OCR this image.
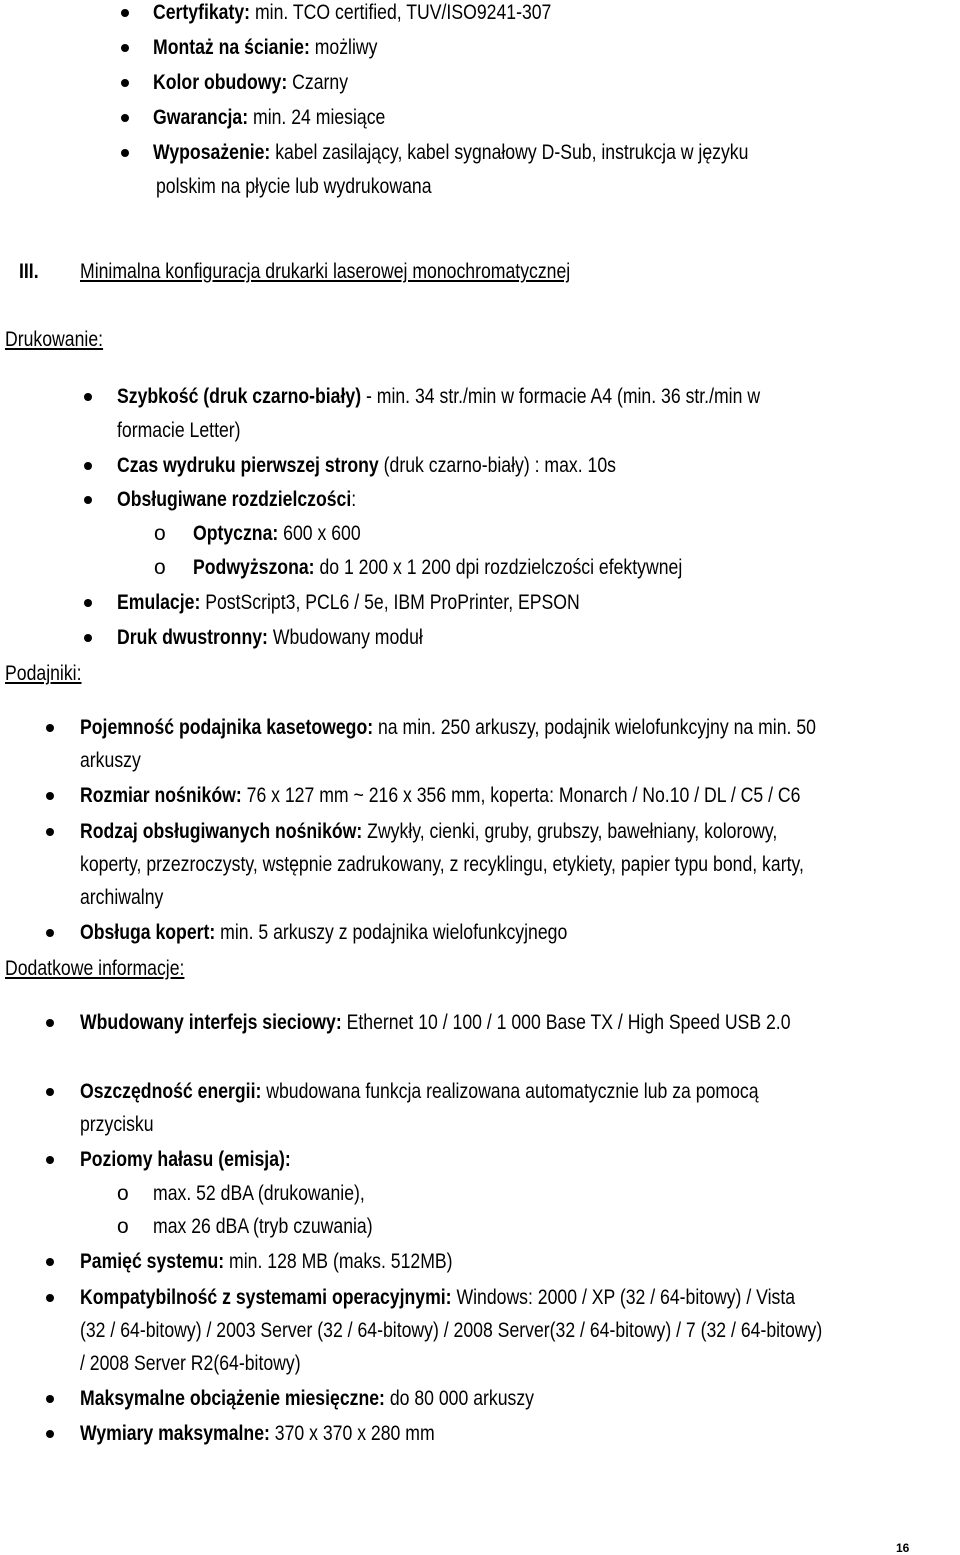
Certyfikaty: min. TCO certified, TUV/ISO9241-307
Montaż na ścianie: możliwy
Kolor obudowy: Czarny
Gwarancja: min. 24 miesiące
Wyposażenie: kabel zasilający, kabel sygnałowy D-Sub, instrukcja w języku
polskim na płycie lub wydrukowana
III. Minimalna konfiguracja drukarki laserowej monochromatycznej
Drukowanie:
Szybkość (druk czarno-biały) - min. 34 str./min w formacie A4 (min. 36 str./min w
formacie Letter)
Czas wydruku pierwszej strony (druk czarno-biały) : max. 10s
Obsługiwane rozdzielczości:
o Optyczna: 600 x 600
o Podwyższona: do 1 200 x 1 200 dpi rozdzielczości efektywnej
Emulacje: PostScript3, PCL6 / 5e, IBM ProPrinter, EPSON
Druk dwustronny: Wbudowany moduł
Podajniki:
Pojemność podajnika kasetowego: na min. 250 arkuszy, podajnik wielofunkcyjny na min. 50
arkuszy
Rozmiar nośników: 76 x 127 mm ~ 216 x 356 mm, koperta: Monarch / No.10 / DL / C5 / C6
Rodzaj obsługiwanych nośników: Zwykły, cienki, gruby, grubszy, bawełniany, kolorowy,
koperty, przezroczysty, wstępnie zadrukowany, z recyklingu, etykiety, papier typu bond, karty,
archiwalny
Obsługa kopert: min. 5 arkuszy z podajnika wielofunkcyjnego
Dodatkowe informacje:
Wbudowany interfejs sieciowy: Ethernet 10 / 100 / 1 000 Base TX / High Speed USB 2.0
Oszczędność energii: wbudowana funkcja realizowana automatycznie lub za pomocą
przycisku
Poziomy hałasu (emisja):
o max. 52 dBA (drukowanie),
o max 26 dBA (tryb czuwania)
Pamięć systemu: min. 128 MB (maks. 512MB)
Kompatybilność z systemami operacyjnymi: Windows: 2000 / XP (32 / 64-bitowy) / Vista
(32 / 64-bitowy) / 2003 Server (32 / 64-bitowy) / 2008 Server(32 / 64-bitowy) / 7 (32 / 64-bitowy)
/ 2008 Server R2(64-bitowy)
Maksymalne obciążenie miesięczne: do 80 000 arkuszy
Wymiary maksymalne: 370 x 370 x 280 mm
16
